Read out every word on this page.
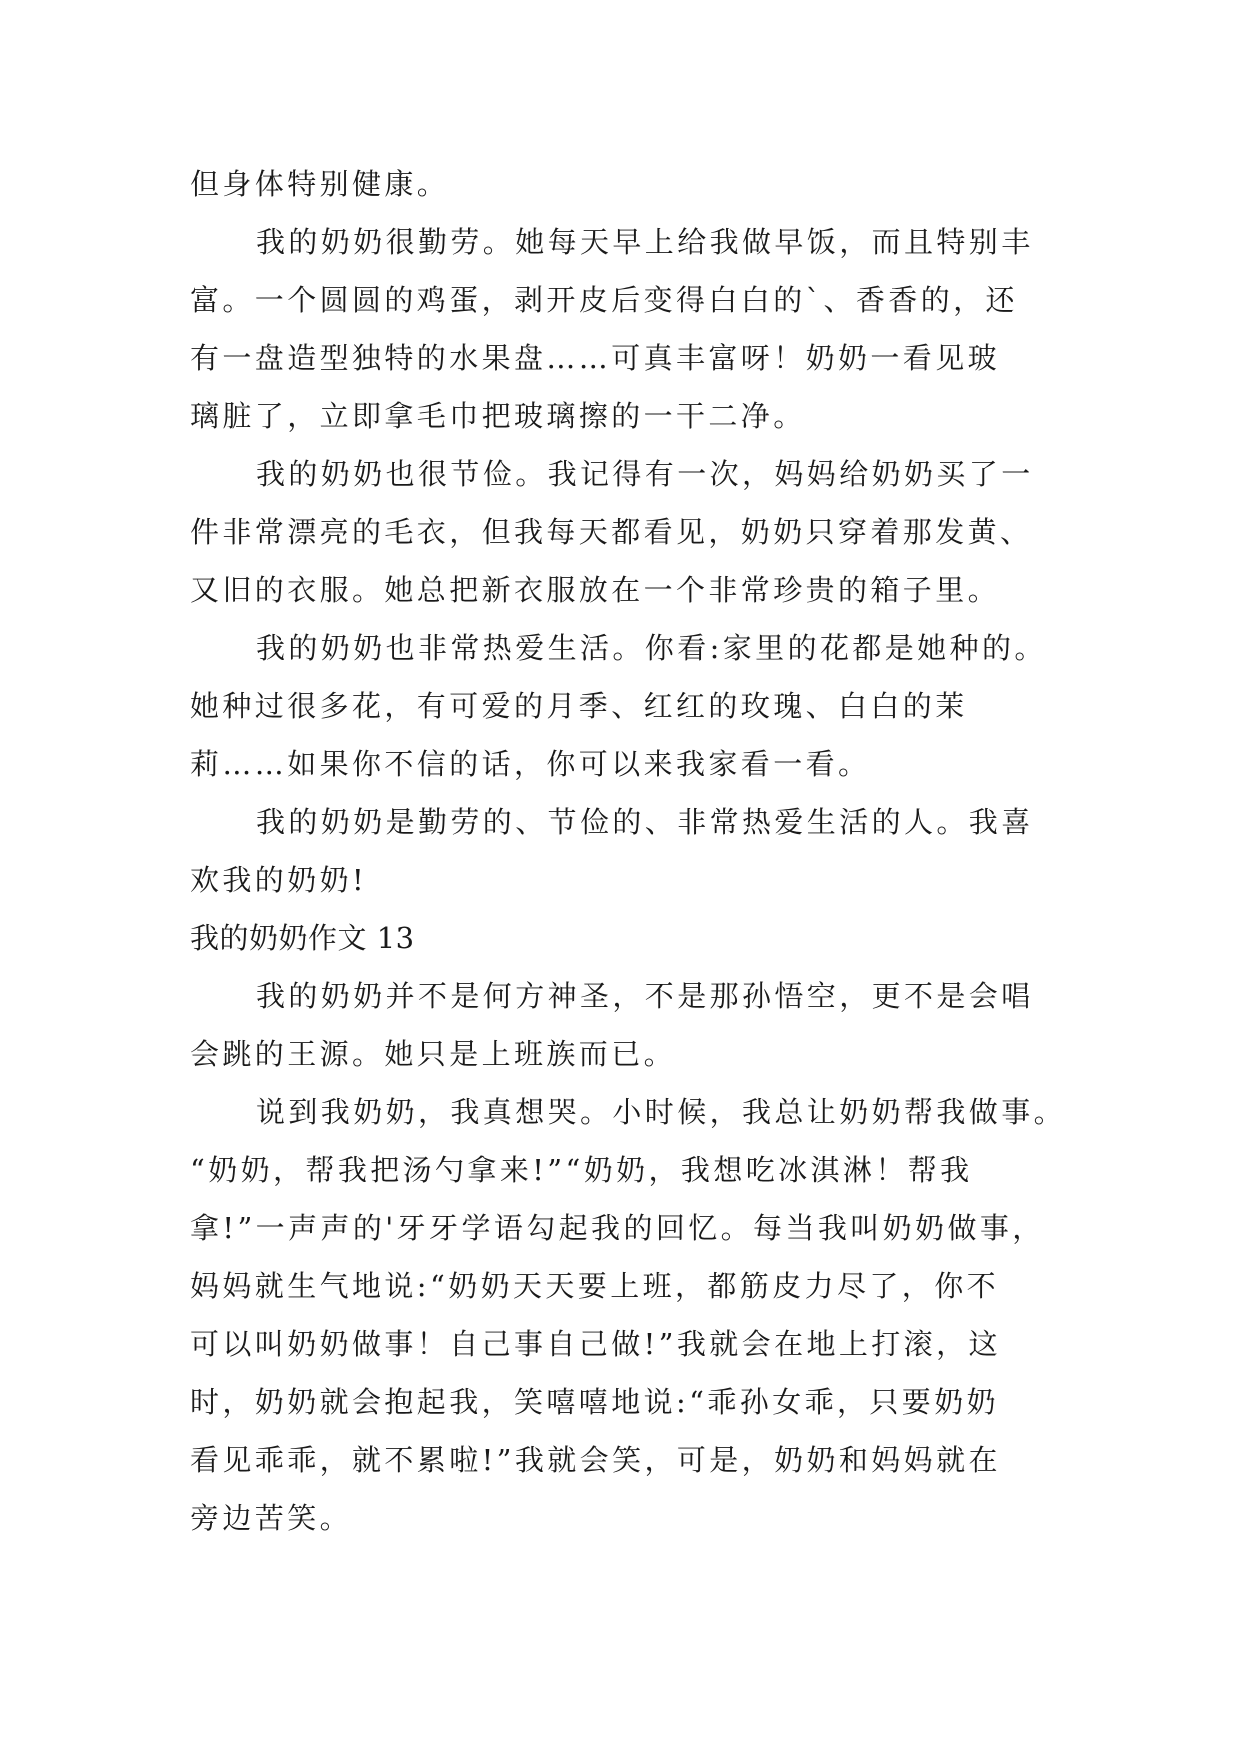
但身体特别健康。
我的奶奶很勤劳。她每天早上给我做早饭，而且特别丰
富。一个圆圆的鸡蛋，剥开皮后变得白白的`、香香的，还
有一盘造型独特的水果盘……可真丰富呀！奶奶一看见玻
璃脏了，立即拿毛巾把玻璃擦的一干二净。
我的奶奶也很节俭。我记得有一次，妈妈给奶奶买了一
件非常漂亮的毛衣，但我每天都看见，奶奶只穿着那发黄、
又旧的衣服。她总把新衣服放在一个非常珍贵的箱子里。
我的奶奶也非常热爱生活。你看:家里的花都是她种的。
她种过很多花，有可爱的月季、红红的玫瑰、白白的茉
莉……如果你不信的话，你可以来我家看一看。
我的奶奶是勤劳的、节俭的、非常热爱生活的人。我喜
欢我的奶奶!
我的奶奶作文 13
我的奶奶并不是何方神圣，不是那孙悟空，更不是会唱
会跳的王源。她只是上班族而已。
说到我奶奶，我真想哭。小时候，我总让奶奶帮我做事。
“奶奶，帮我把汤勺拿来!”“奶奶，我想吃冰淇淋！帮我
拿!”一声声的'牙牙学语勾起我的回忆。每当我叫奶奶做事，
妈妈就生气地说:“奶奶天天要上班，都筋皮力尽了，你不
可以叫奶奶做事！自己事自己做!”我就会在地上打滚，这
时，奶奶就会抱起我，笑嘻嘻地说:“乖孙女乖，只要奶奶
看见乖乖，就不累啦!”我就会笑，可是，奶奶和妈妈就在
旁边苦笑。
